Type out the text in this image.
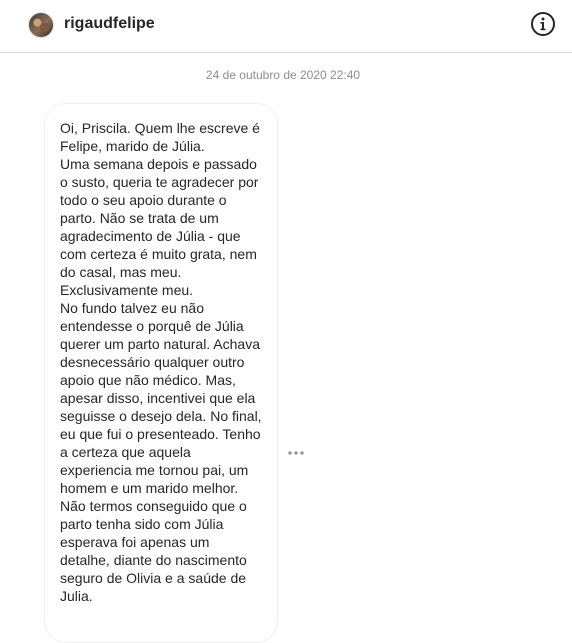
rigaudfelipe
24 de outubro de 2020 22:40
Oi, Priscila. Quem lhe escreve é Felipe, marido de Júlia.
Uma semana depois e passado o susto, queria te agradecer por todo o seu apoio durante o parto. Não se trata de um agradecimento de Júlia - que com certeza é muito grata, nem do casal, mas meu. Exclusivamente meu.
No fundo talvez eu não entendesse o porquê de Júlia querer um parto natural. Achava desnecessário qualquer outro apoio que não médico. Mas, apesar disso, incentivei que ela seguisse o desejo dela. No final, eu que fui o presenteado. Tenho a certeza que aquela experiencia me tornou pai, um homem e um marido melhor. Não termos conseguido que o parto tenha sido com Júlia esperava foi apenas um detalhe, diante do nascimento seguro de Olivia e a saúde de Julia.
